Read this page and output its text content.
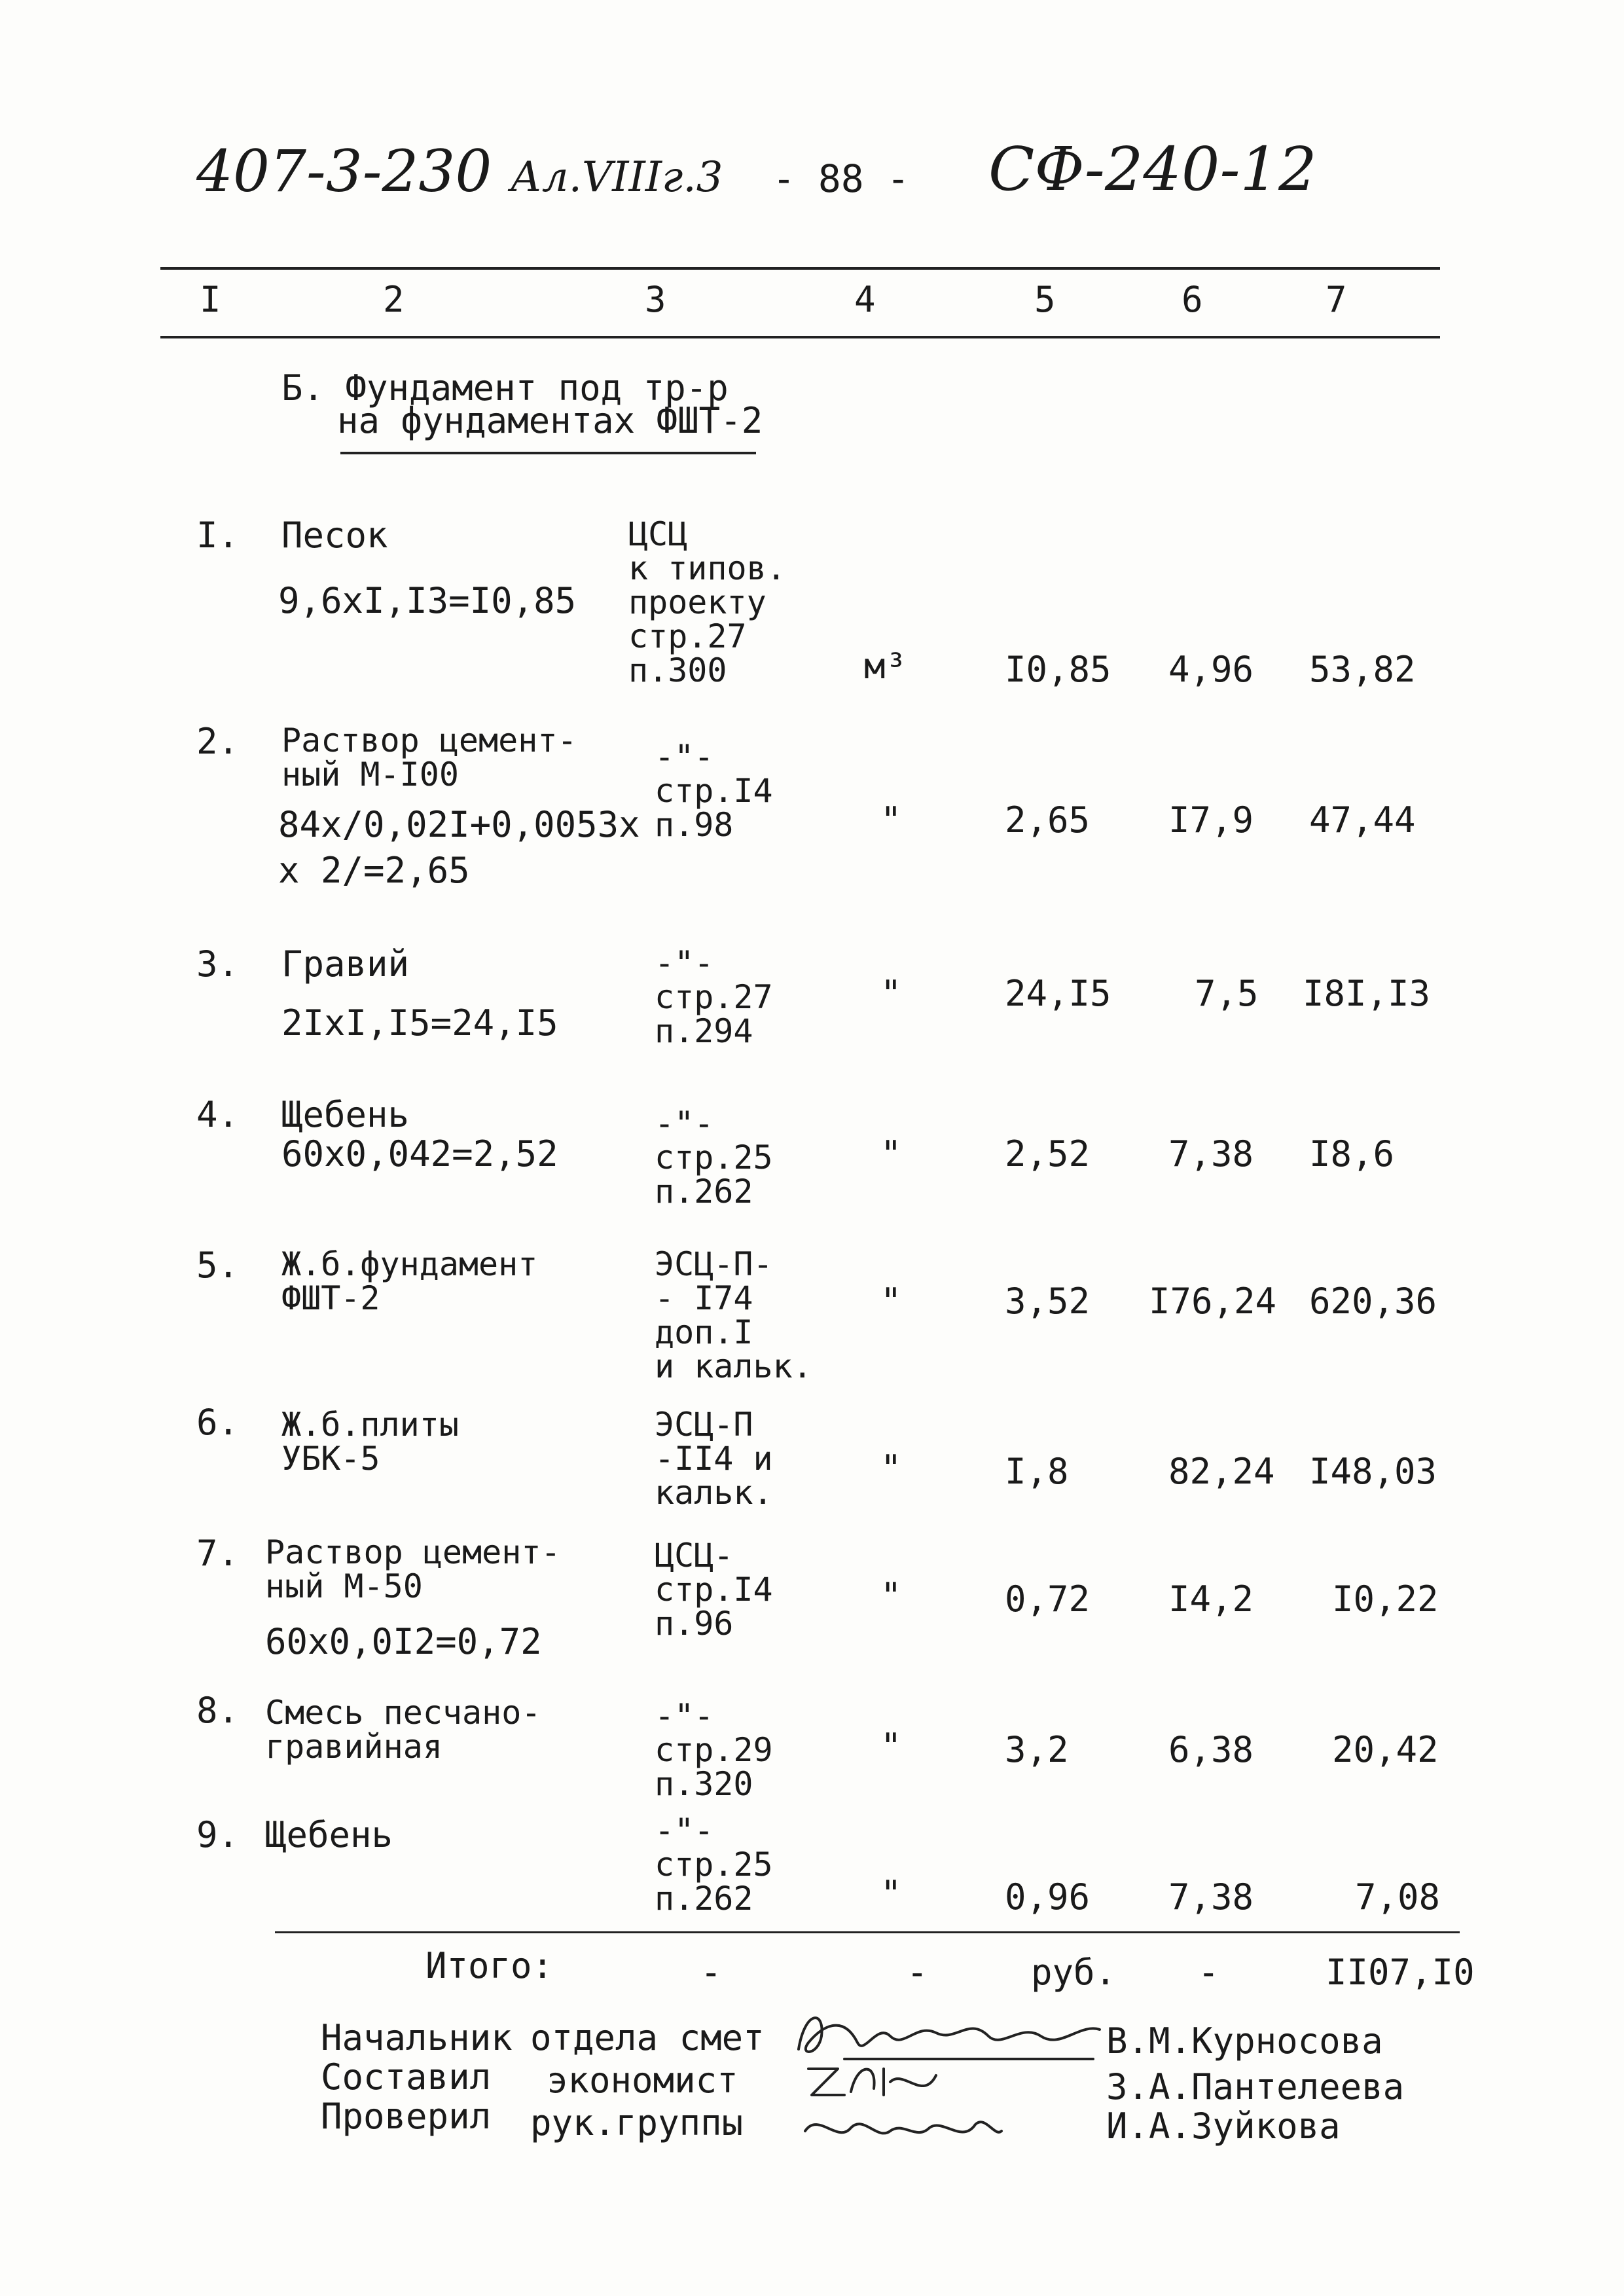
407-3-230 Ал.VIIIг.3 - 88 - СФ-240-12
I	2	3	4	5	6	7
Б. Фундамент под тр-р
на фундаментах ФШТ-2
I. Песок
9,6xI,I3=I0,85
ЦСЦ
к типов.
проекту
стр.27
п.300	м³	I0,85 4,96 53,82
2. Раствор цемент-
ный М-I00
84x/0,02I+0,0053x
x 2/=2,65
-"-
стр.I4
п.98	"	2,65 I7,9 47,44
3. Гравий
2IxI,I5=24,I5
-"-
стр.27
п.294
"	24,I5 7,5 I8I,I3
4. Щебень
60x0,042=2,52
-"-
стр.25
п.262
"	2,52 7,38 I8,6
5. Ж.б.фундамент
ФШТ-2
ЭСЦ-П-
- I74
доп.I
и кальк.
"	3,52 I76,24 620,36
6. Ж.б.плиты
УБК-5
ЭСЦ-П
-II4 и
кальк.
"	I,8	82,24 I48,03
7. Раствор цемент-
ный М-50
60x0,0I2=0,72
ЦСЦ-
стр.I4
п.96
"	0,72 I4,2 I0,22
8. Смесь песчано-
гравийная
-"-
стр.29
п.320
"	3,2	6,38 20,42
9. Щебень	-"-
стр.25
п.262	"	0,96 7,38	7,08
Итого:	-	-	руб. -	II07,I0
Начальник отдела смет	В.М.Курносова
Составил экономист	З.А.Пантелеева
Проверил рук.группы	И.А.Зуйкова
